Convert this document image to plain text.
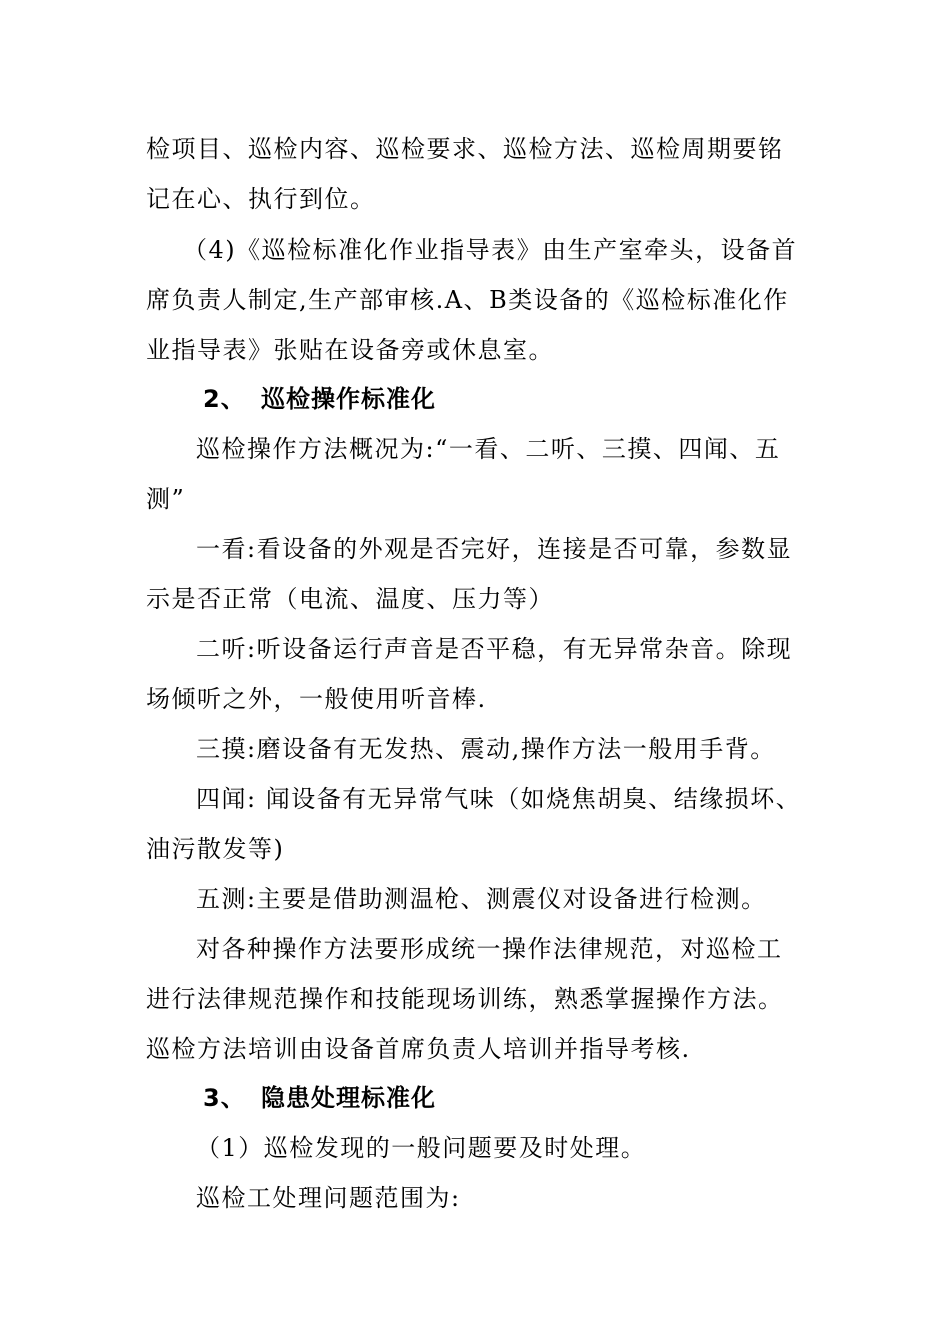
检项目、巡检内容、巡检要求、巡检方法、巡检周期要铭
记在心、执行到位。
（4)《巡检标准化作业指导表》由生产室牵头，设备首
席负责人制定,生产部审核.A、B类设备的《巡检标准化作
业指导表》张贴在设备旁或休息室。
2、 巡检操作标准化
巡检操作方法概况为:“一看、二听、三摸、四闻、五
测”
一看:看设备的外观是否完好，连接是否可靠，参数显
示是否正常（电流、温度、压力等）
二听:听设备运行声音是否平稳，有无异常杂音。除现
场倾听之外，一般使用听音棒.
三摸:磨设备有无发热、震动,操作方法一般用手背。
四闻: 闻设备有无异常气味（如烧焦胡臭、结缘损坏、
油污散发等)
五测:主要是借助测温枪、测震仪对设备进行检测。
对各种操作方法要形成统一操作法律规范，对巡检工
进行法律规范操作和技能现场训练，熟悉掌握操作方法。
巡检方法培训由设备首席负责人培训并指导考核.
3、 隐患处理标准化
（1）巡检发现的一般问题要及时处理。
巡检工处理问题范围为:
